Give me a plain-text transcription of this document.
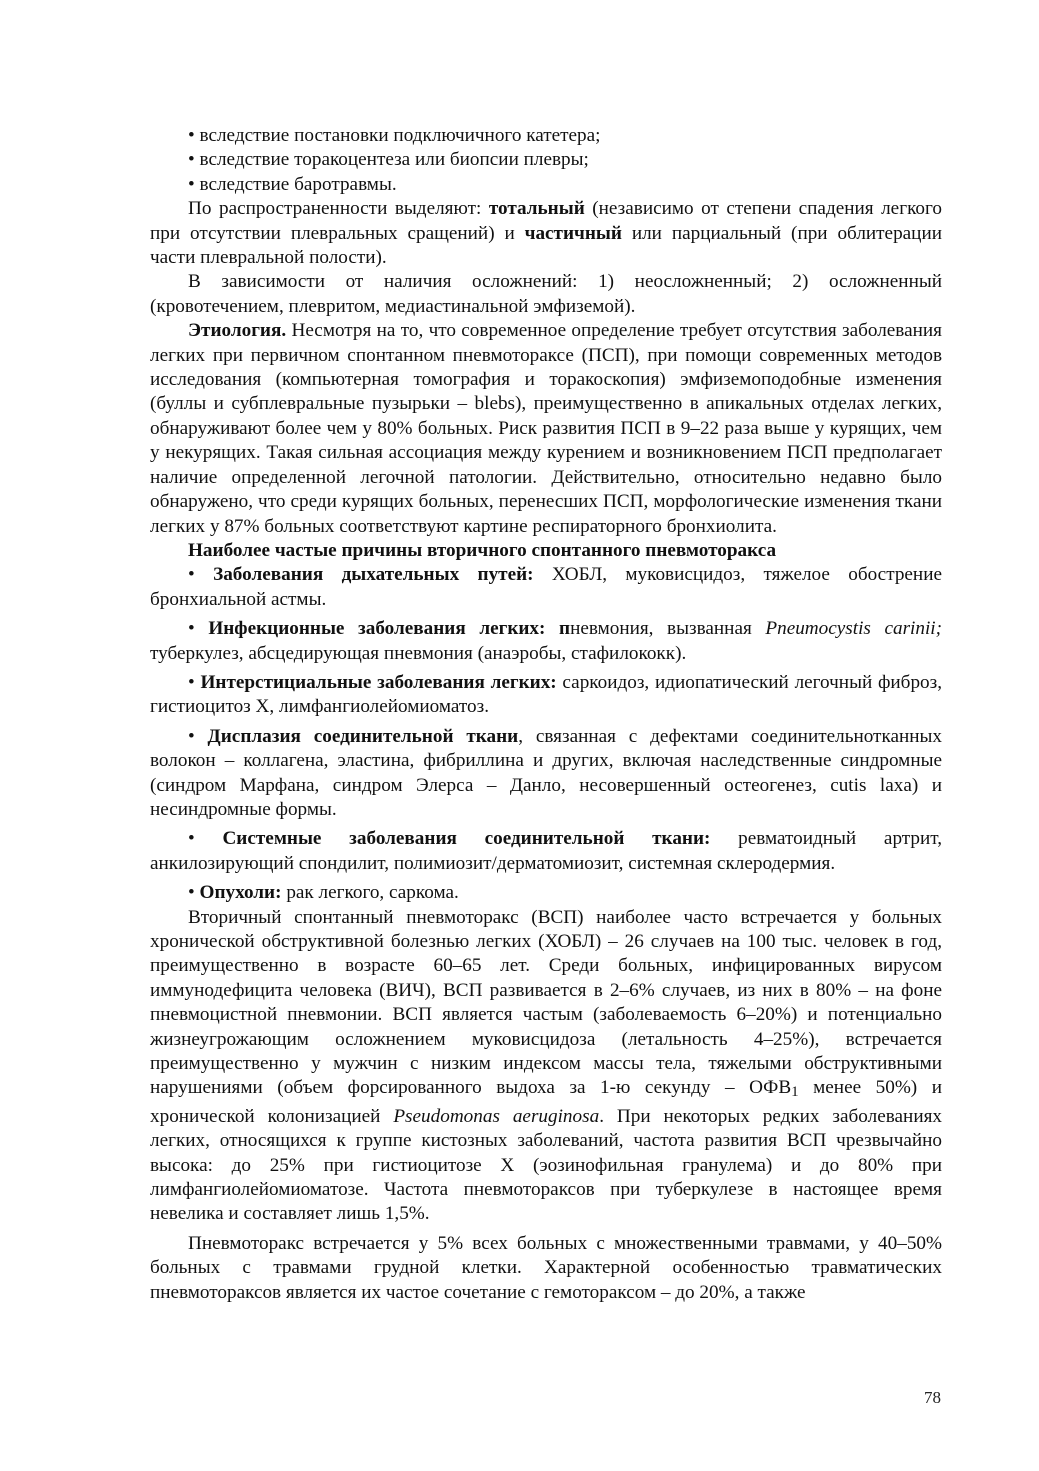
• вследствие постановки подключичного катетера;

• вследствие торакоцентеза или биопсии плевры;

• вследствие баротравмы.

По распространенности выделяют: тотальный (независимо от степени спадения легкого при отсутствии плевральных сращений) и частичный или парциальный (при облитерации части плевральной полости).

В зависимости от наличия осложнений: 1) неосложненный; 2) осложненный (кровотечением, плевритом, медиастинальной эмфиземой).

Этиология. Несмотря на то, что современное определение требует отсутствия заболевания легких при первичном спонтанном пневмотораксе (ПСП), при помощи современных методов исследования (компьютерная томография и торакоскопия) эмфиземоподобные изменения (буллы и субплевральные пузырьки – blebs), преимущественно в апикальных отделах легких, обнаруживают более чем у 80% больных. Риск развития ПСП в 9–22 раза выше у курящих, чем у некурящих. Такая сильная ассоциация между курением и возникновением ПСП предполагает наличие определенной легочной патологии. Действительно, относительно недавно было обнаружено, что среди курящих больных, перенесших ПСП, морфологические изменения ткани легких у 87% больных соответствуют картине респираторного бронхиолита.

Наиболее частые причины вторичного спонтанного пневмоторакса

• Заболевания дыхательных путей: ХОБЛ, муковисцидоз, тяжелое обострение бронхиальной астмы.

• Инфекционные заболевания легких: пневмония, вызванная Pneumocystis carinii; туберкулез, абсцедирующая пневмония (анаэробы, стафилококк).

• Интерстициальные заболевания легких: саркоидоз, идиопатический легочный фиброз, гистиоцитоз Х, лимфангиолейомиоматоз.

• Дисплазия соединительной ткани, связанная с дефектами соединительнотканных волокон – коллагена, эластина, фибриллина и других, включая наследственные синдромные (синдром Марфана, синдром Элерса – Данло, несовершенный остеогенез, cutis laxa) и несиндромные формы.

• Системные заболевания соединительной ткани: ревматоидный артрит, анкилозирующий спондилит, полимиозит/дерматомиозит, системная склеродермия.

• Опухоли: рак легкого, саркома.

Вторичный спонтанный пневмоторакс (ВСП) наиболее часто встречается у больных хронической обструктивной болезнью легких (ХОБЛ) – 26 случаев на 100 тыс. человек в год, преимущественно в возрасте 60–65 лет. Среди больных, инфицированных вирусом иммунодефицита человека (ВИЧ), ВСП развивается в 2–6% случаев, из них в 80% – на фоне пневмоцистной пневмонии. ВСП является частым (заболеваемость 6–20%) и потенциально жизнеугрожающим осложнением муковисцидоза (летальность 4–25%), встречается преимущественно у мужчин с низким индексом массы тела, тяжелыми обструктивными нарушениями (объем форсированного выдоха за 1-ю секунду – $ОФВ_1$ менее 50%) и хронической колонизацией Pseudomonas aeruginosa. При некоторых редких заболеваниях легких, относящихся к группе кистозных заболеваний, частота развития ВСП чрезвычайно высока: до 25% при гистиоцитозе Х (эозинофильная гранулема) и до 80% при лимфангиолейомиоматозе. Частота пневмотораксов при туберкулезе в настоящее время невелика и составляет лишь 1,5%.

Пневмоторакс встречается у 5% всех больных с множественными травмами, у 40–50% больных с травмами грудной клетки. Характерной особенностью травматических пневмотораксов является их частое сочетание с гемотораксом – до 20%, а также

78
